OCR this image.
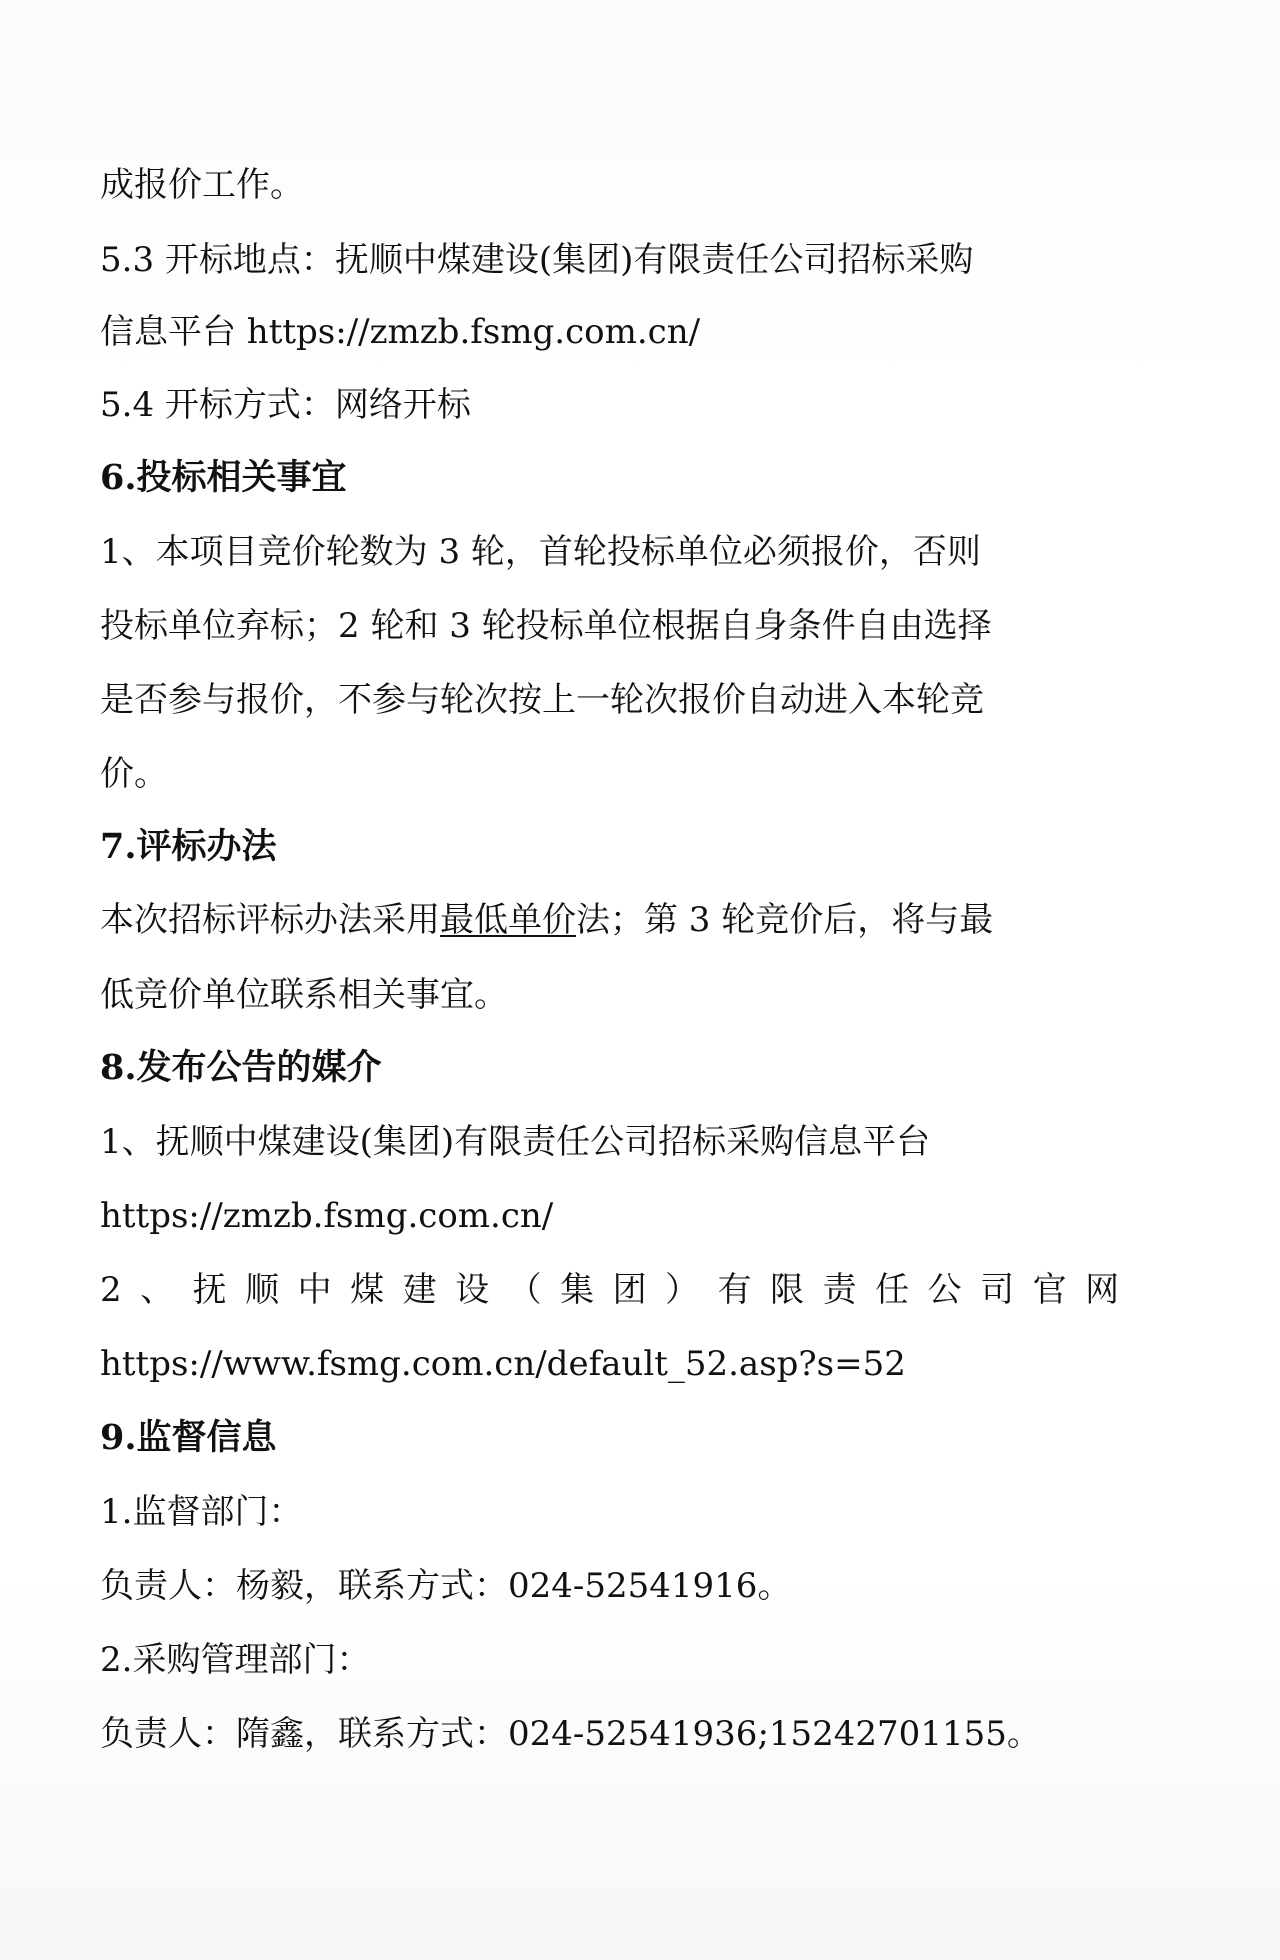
成报价工作。
5.3 开标地点：抚顺中煤建设(集团)有限责任公司招标采购
信息平台 https://zmzb.fsmg.com.cn/
5.4 开标方式：网络开标
6.投标相关事宜
1、本项目竞价轮数为 3 轮，首轮投标单位必须报价，否则
投标单位弃标；2 轮和 3 轮投标单位根据自身条件自由选择
是否参与报价，不参与轮次按上一轮次报价自动进入本轮竞
价。
7.评标办法
本次招标评标办法采用最低单价法；第 3 轮竞价后，将与最
低竞价单位联系相关事宜。
8.发布公告的媒介
1、抚顺中煤建设(集团)有限责任公司招标采购信息平台
https://zmzb.fsmg.com.cn/
2、抚顺中煤建设（集团）有限责任公司官网
https://www.fsmg.com.cn/default_52.asp?s=52
9.监督信息
1.监督部门：
负责人：杨毅，联系方式：024-52541916。
2.采购管理部门：
负责人：隋鑫，联系方式：024-52541936;15242701155。
